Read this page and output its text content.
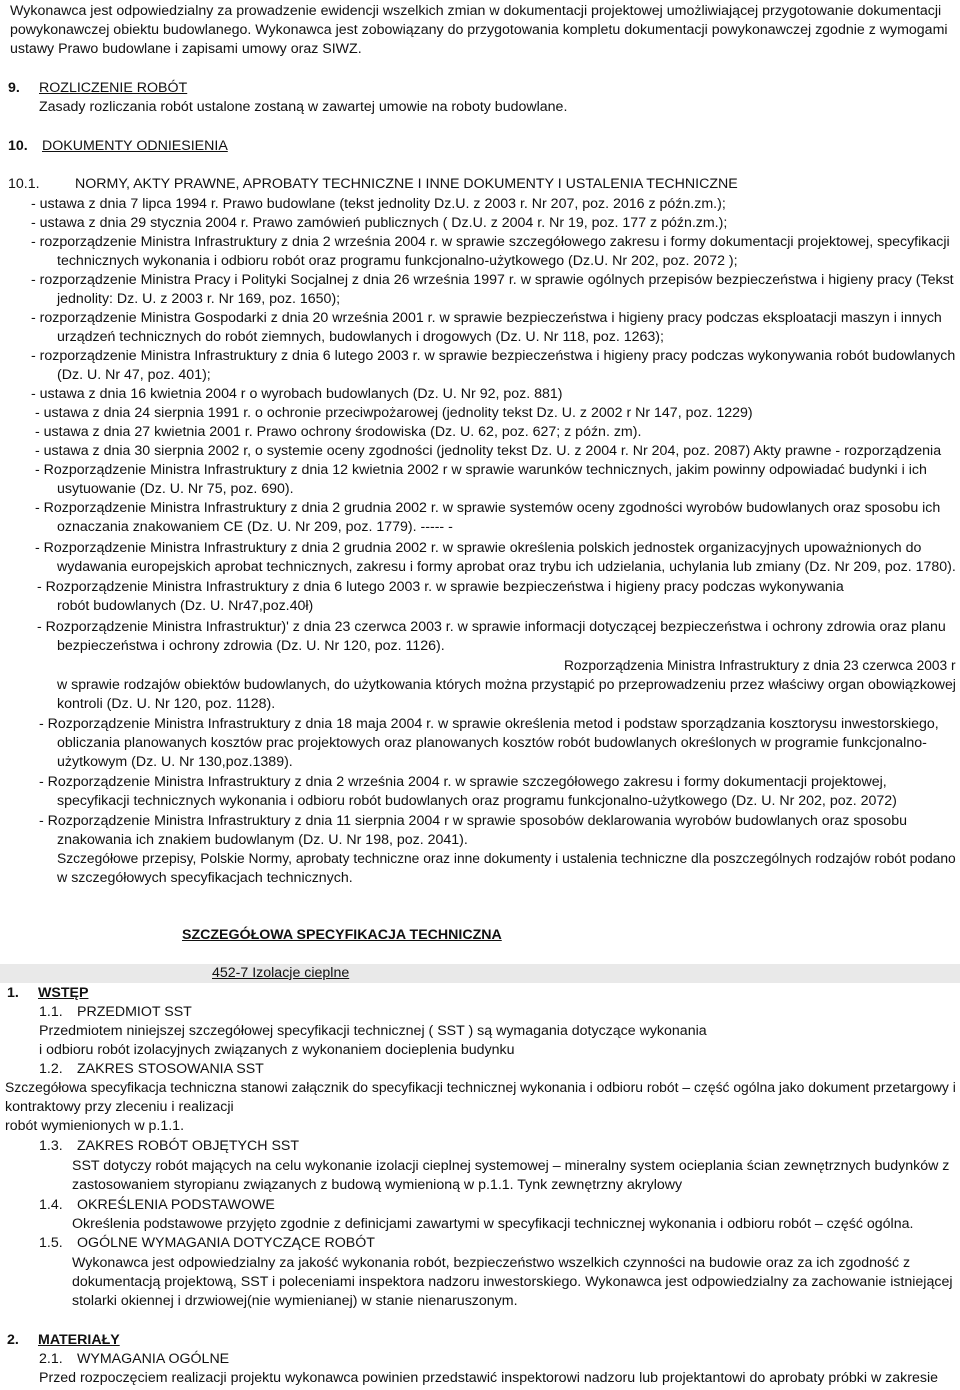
Wykonawca jest odpowiedzialny za prowadzenie ewidencji wszelkich zmian w dokumentacji projektowej umożliwiającej przygotowanie dokumentacji
powykonawczej obiektu budowlanego. Wykonawca jest zobowiązany do przygotowania kompletu dokumentacji powykonawczej zgodnie z wymogami
ustawy Prawo budowlane i zapisami umowy oraz SIWZ.
9. ROZLICZENIE ROBÓT
Zasady rozliczania robót ustalone zostaną w zawartej umowie na roboty budowlane.
10. DOKUMENTY ODNIESIENIA
10.1. NORMY, AKTY PRAWNE, APROBATY TECHNICZNE I INNE DOKUMENTY I USTALENIA TECHNICZNE
- ustawa z dnia 7 lipca 1994 r. Prawo budowlane (tekst jednolity Dz.U. z 2003 r. Nr 207, poz. 2016 z późn.zm.);
- ustawa z dnia 29 stycznia 2004 r. Prawo zamówień publicznych ( Dz.U. z 2004 r. Nr 19, poz. 177 z późn.zm.);
- rozporządzenie Ministra Infrastruktury z dnia 2 września 2004 r. w sprawie szczegółowego zakresu i formy dokumentacji projektowej, specyfikacji
technicznych wykonania i odbioru robót oraz programu funkcjonalno-użytkowego (Dz.U. Nr 202, poz. 2072 );
- rozporządzenie Ministra Pracy i Polityki Socjalnej z dnia 26 września 1997 r. w sprawie ogólnych przepisów bezpieczeństwa i higieny pracy (Tekst
jednolity: Dz. U. z 2003 r. Nr 169, poz. 1650);
- rozporządzenie Ministra Gospodarki z dnia 20 września 2001 r. w sprawie bezpieczeństwa i higieny pracy podczas eksploatacji maszyn i innych
urządzeń technicznych do robót ziemnych, budowlanych i drogowych (Dz. U. Nr 118, poz. 1263);
- rozporządzenie Ministra Infrastruktury z dnia 6 lutego 2003 r. w sprawie bezpieczeństwa i higieny pracy podczas wykonywania robót budowlanych
(Dz. U. Nr 47, poz. 401);
- ustawa z dnia 16 kwietnia 2004 r o wyrobach budowlanych (Dz. U. Nr 92, poz. 881)
- ustawa z dnia 24 sierpnia 1991 r. o ochronie przeciwpożarowej (jednolity tekst Dz. U. z 2002 r Nr 147, poz. 1229)
- ustawa z dnia 27 kwietnia 2001 r. Prawo ochrony środowiska (Dz. U. 62, poz. 627; z późn. zm).
- ustawa z dnia 30 sierpnia 2002 r, o systemie oceny zgodności (jednolity tekst Dz. U. z 2004 r. Nr 204, poz. 2087) Akty prawne - rozporządzenia
- Rozporządzenie Ministra Infrastruktury z dnia 12 kwietnia 2002 r w sprawie warunków technicznych, jakim powinny odpowiadać budynki i ich
usytuowanie (Dz. U. Nr 75, poz. 690).
- Rozporządzenie Ministra Infrastruktury z dnia 2 grudnia 2002 r. w sprawie systemów oceny zgodności wyrobów budowlanych oraz sposobu ich
oznaczania znakowaniem CE (Dz. U. Nr 209, poz. 1779). ----- -
- Rozporządzenie Ministra Infrastruktury z dnia 2 grudnia 2002 r. w sprawie określenia polskich jednostek organizacyjnych upoważnionych do
wydawania europejskich aprobat technicznych, zakresu i formy aprobat oraz trybu ich udzielania, uchylania lub zmiany (Dz. Nr 209, poz. 1780).
- Rozporządzenie Ministra Infrastruktury z dnia 6 lutego 2003 r. w sprawie bezpieczeństwa i higieny pracy podczas wykonywania
robót budowlanych (Dz. U. Nr47,poz.40ł)
- Rozporządzenie Ministra Infrastruktur)' z dnia 23 czerwca 2003 r. w sprawie informacji dotyczącej bezpieczeństwa i ochrony zdrowia oraz planu
bezpieczeństwa i ochrony zdrowia (Dz. U. Nr 120, poz. 1126).
Rozporządzenia Ministra Infrastruktury z dnia 23 czerwca 2003 r
w sprawie rodzajów obiektów budowlanych, do użytkowania których można przystąpić po przeprowadzeniu przez właściwy organ obowiązkowej
kontroli (Dz. U. Nr 120, poz. 1128).
- Rozporządzenie Ministra Infrastruktury z dnia 18 maja 2004 r. w sprawie określenia metod i podstaw sporządzania kosztorysu inwestorskiego,
obliczania planowanych kosztów prac projektowych oraz planowanych kosztów robót budowlanych określonych w programie funkcjonalno-
użytkowym (Dz. U. Nr 130,poz.1389).
- Rozporządzenie Ministra Infrastruktury z dnia 2 września 2004 r. w sprawie szczegółowego zakresu i formy dokumentacji projektowej,
specyfikacji technicznych wykonania i odbioru robót budowlanych oraz programu funkcjonalno-użytkowego (Dz. U. Nr 202, poz. 2072)
- Rozporządzenie Ministra Infrastruktury z dnia 11 sierpnia 2004 r w sprawie sposobów deklarowania wyrobów budowlanych oraz sposobu
znakowania ich znakiem budowlanym (Dz. U. Nr 198, poz. 2041).
Szczegółowe przepisy, Polskie Normy, aprobaty techniczne oraz inne dokumenty i ustalenia techniczne dla poszczególnych rodzajów robót podano
w szczegółowych specyfikacjach technicznych.
SZCZEGÓŁOWA SPECYFIKACJA TECHNICZNA
452-7 Izolacje cieplne
1. WSTĘP
1.1. PRZEDMIOT SST
Przedmiotem niniejszej szczegółowej specyfikacji technicznej ( SST ) są wymagania dotyczące wykonania
i odbioru robót izolacyjnych związanych z wykonaniem docieplenia budynku
1.2. ZAKRES STOSOWANIA SST
Szczegółowa specyfikacja techniczna stanowi załącznik do specyfikacji technicznej wykonania i odbioru robót – część ogólna jako dokument przetargowy i
kontraktowy przy zleceniu i realizacji
robót wymienionych w p.1.1.
1.3. ZAKRES ROBÓT OBJĘTYCH SST
SST dotyczy robót mających na celu wykonanie izolacji cieplnej systemowej – mineralny system ocieplania ścian zewnętrznych budynków z
zastosowaniem styropianu związanych z budową wymienioną w p.1.1. Tynk zewnętrzny akrylowy
1.4. OKREŚLENIA PODSTAWOWE
Określenia podstawowe przyjęto zgodnie z definicjami zawartymi w specyfikacji technicznej wykonania i odbioru robót – część ogólna.
1.5. OGÓLNE WYMAGANIA DOTYCZĄCE ROBÓT
Wykonawca jest odpowiedzialny za jakość wykonania robót, bezpieczeństwo wszelkich czynności na budowie oraz za ich zgodność z
dokumentacją projektową, SST i poleceniami inspektora nadzoru inwestorskiego. Wykonawca jest odpowiedzialny za zachowanie istniejącej
stolarki okiennej i drzwiowej(nie wymienianej) w stanie nienaruszonym.
2. MATERIAŁY
2.1. WYMAGANIA OGÓLNE
Przed rozpoczęciem realizacji projektu wykonawca powinien przedstawić inspektorowi nadzoru lub projektantowi do aprobaty próbki w zakresie
